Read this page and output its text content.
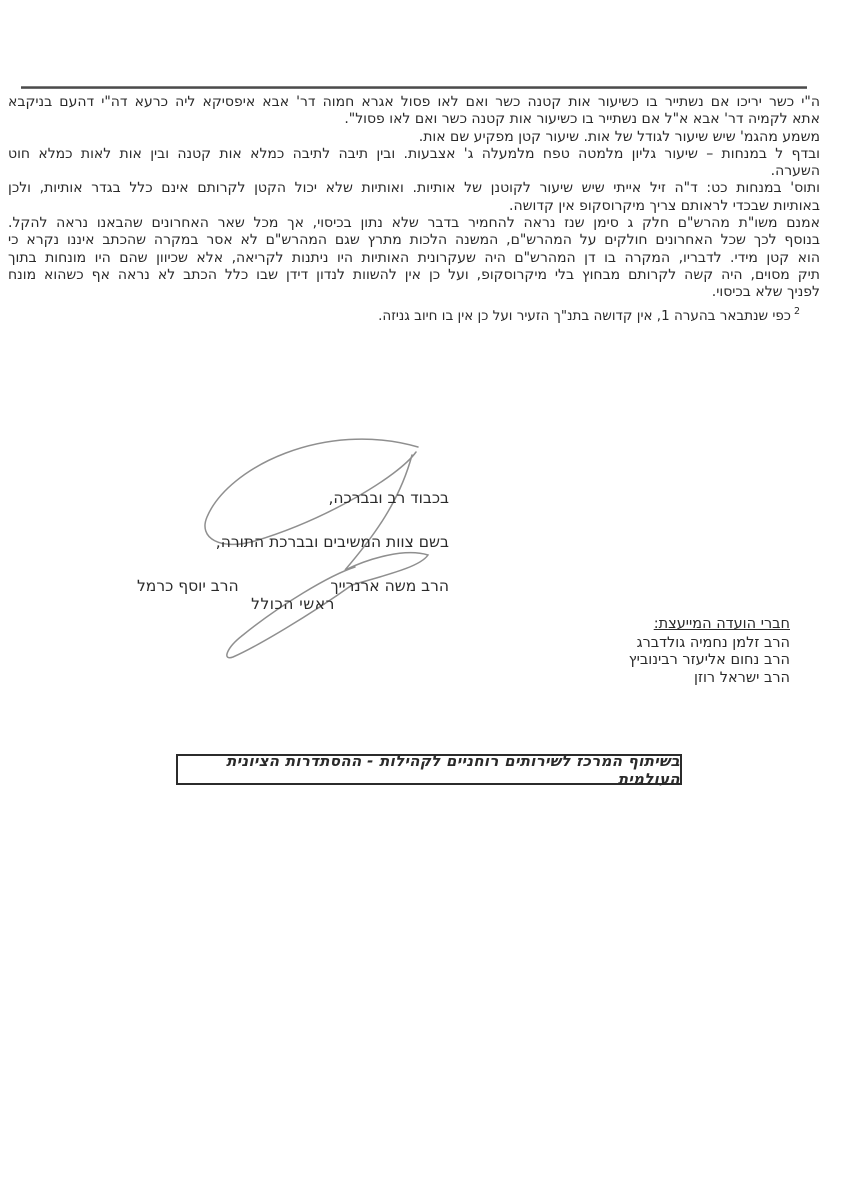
ה"י כשר יריכו אם נשתייר בו כשיעור אות קטנה כשר ואם לאו פסול אגרא חמוה דר' אבא איפסיקא ליה כרעא דה"י דהעם בניקבא
אתא לקמיה דר' אבא א"ל אם נשתייר בו כשיעור אות קטנה כשר ואם לאו פסול".
משמע מהגמ' שיש שיעור לגודל של אות. שיעור קטן מפקיע שם אות.
ובדף ל במנחות – שיעור גליון מלמטה טפח מלמעלה ג' אצבעות. ובין תיבה לתיבה כמלא אות קטנה ובין אות לאות כמלא חוט
השערה.
ותוס' במנחות כט: ד"ה זיל אייתי שיש שיעור לקוטנן של אותיות. ואותיות שלא יכול הקטן לקרותם אינם כלל בגדר אותיות, ולכן
באותיות שבכדי לראותם צריך מיקרוסקופ אין קדושה.
אמנם משו"ת מהרש"ם חלק ג סימן שנז נראה להחמיר בדבר שלא נתון בכיסוי, אך מכל שאר האחרונים שהבאנו נראה להקל.
בנוסף לכך שכל האחרונים חולקים על המהרש"ם, המשנה הלכות מתרץ שגם המהרש"ם לא אסר במקרה שהכתב איננו נקרא כי
הוא קטן מידי. לדבריו, המקרה בו דן המהרש"ם היה שעקרונית האותיות היו ניתנות לקריאה, אלא שכיוון שהם היו מונחות בתוך
תיק מסוים, היה קשה לקרותם מבחוץ בלי מיקרוסקופ, ועל כן אין להשוות לנדון דידן שבו כלל הכתב לא נראה אף כשהוא מונח
לפניך שלא בכיסוי.
$^2$כפי שנתבאר בהערה 1, אין קדושה בתנ"ך הזעיר ועל כן אין בו חיוב גניזה.
בכבוד רב ובברכה,
בשם צוות המשיבים ובברכת התורה,
הרב משה ארנרייך
הרב יוסף כרמל
ראשי הכולל
חברי הועדה המייעצת:
הרב זלמן נחמיה גולדברג
הרב נחום אליעזר רבינוביץ
הרב ישראל רוזן
בשיתוף המרכז לשירותים רוחניים לקהילות - ההסתדרות הציונית העולמית
